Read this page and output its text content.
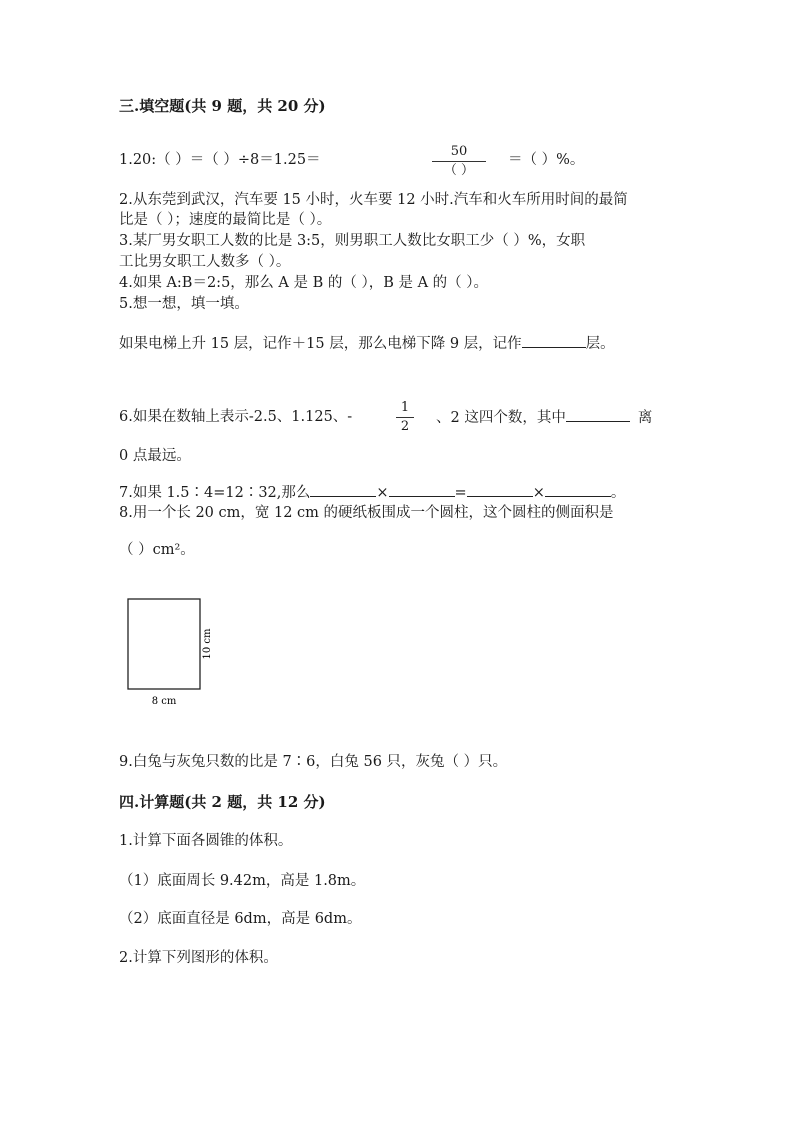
三.填空题(共 9 题，共 20 分)
1.20:（ ）＝（ ）÷8＝1.25＝
50
（ ）
＝（ ）%。
2.从东莞到武汉，汽车要 15 小时，火车要 12 小时.汽车和火车所用时间的最简
比是（ ）；速度的最简比是（ ）。
3.某厂男女职工人数的比是 3:5，则男职工人数比女职工少（ ）%，女职
工比男女职工人数多（ ）。
4.如果 A:B＝2:5，那么 A 是 B 的（ ），B 是 A 的（ ）。
5.想一想，填一填。
如果电梯上升 15 层，记作＋15 层，那么电梯下降 9 层，记作	层。
6.如果在数轴上表示-2.5、1.125、-
1
2
、2 这四个数，其中	离
0 点最远。
7.如果 1.5∶4=12∶32,那么	×	=	×	。
8.用一个长 20 cm，宽 12 cm 的硬纸板围成一个圆柱，这个圆柱的侧面积是
（ ）cm²。
8 cm
10 cm
9.白兔与灰兔只数的比是 7∶6，白兔 56 只，灰兔（ ）只。
四.计算题(共 2 题，共 12 分)
1.计算下面各圆锥的体积。
（1）底面周长 9.42m，高是 1.8m。
（2）底面直径是 6dm，高是 6dm。
2.计算下列图形的体积。
